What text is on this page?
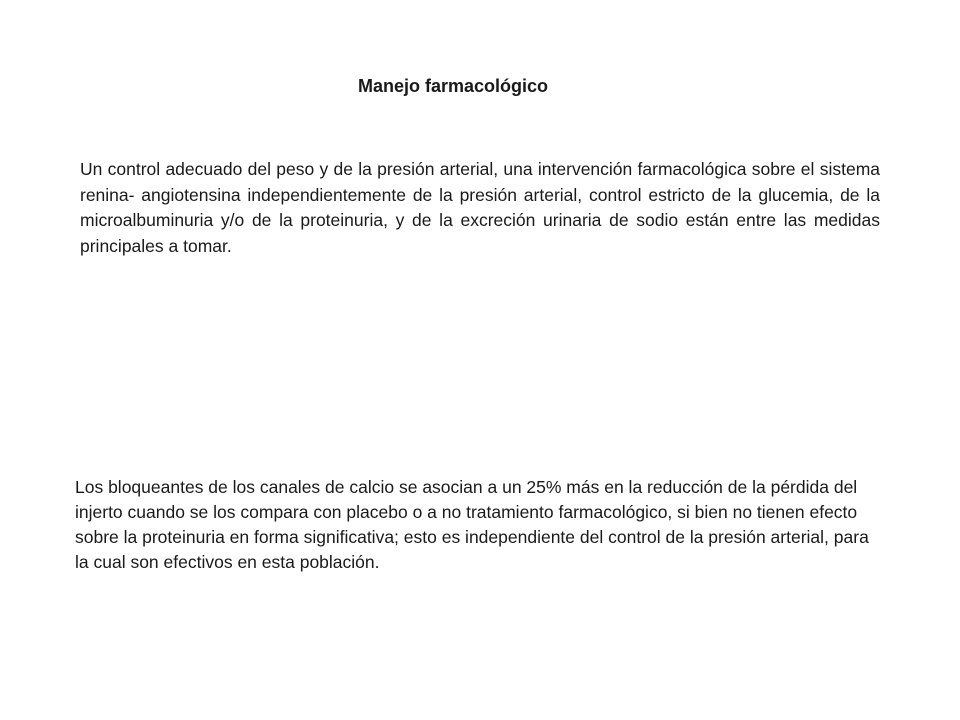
Manejo farmacológico

Un control adecuado del peso y de la presión arterial, una intervención farmacológica sobre el sistema renina- angiotensina independientemente de la presión arterial, control estricto de la glucemia, de la microalbuminuria y/o de la proteinuria, y de la excreción urinaria de sodio están entre las medidas principales a tomar.

Los bloqueantes de los canales de calcio se asocian a un 25% más en la reducción de la pérdida del injerto cuando se los compara con placebo o a no tratamiento farmacológico, si bien no tienen efecto sobre la proteinuria en forma significativa; esto es independiente del control de la presión arterial, para la cual son efectivos en esta población.
